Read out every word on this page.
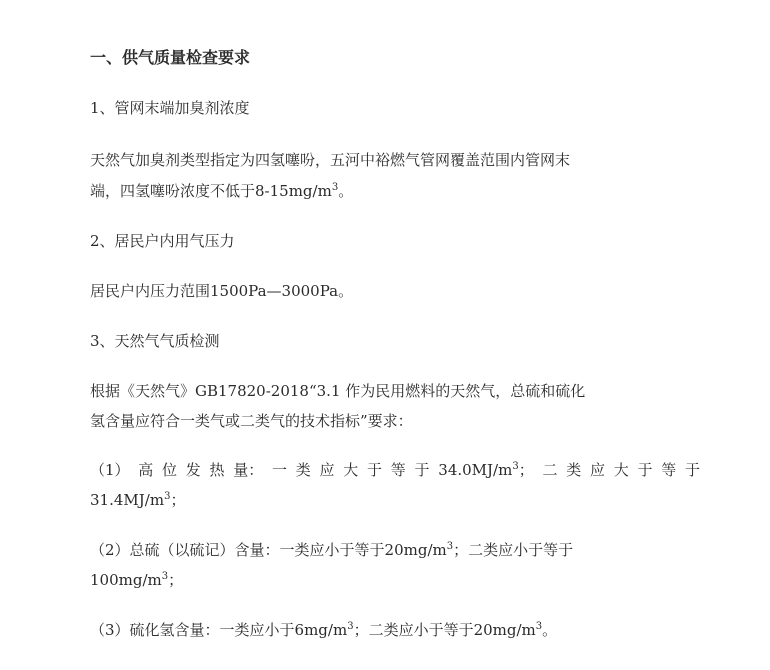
一、供气质量检查要求
1、管网末端加臭剂浓度
天然气加臭剂类型指定为四氢噻吩，五河中裕燃气管网覆盖范围内管网末
端，四氢噻吩浓度不低于$8-15mg/m^3$。
2、居民户内用气压力
居民户内压力范围1500Pa—3000Pa。
3、天然气气质检测
根据《天然气》GB17820-2018“3.1 作为民用燃料的天然气，总硫和硫化
氢含量应符合一类气或二类气的技术指标”要求：
（1） 高 位 发 热 量： 一 类 应 大 于 等 于 $34.0MJ/m^3$； 二 类 应 大 于 等 于
$31.4MJ/m^3$；
（2）总硫（以硫记）含量：一类应小于等于$20mg/m^3$；二类应小于等于
$100mg/m^3$；
（3）硫化氢含量：一类应小于$6mg/m^3$；二类应小于等于$20mg/m^3$。
